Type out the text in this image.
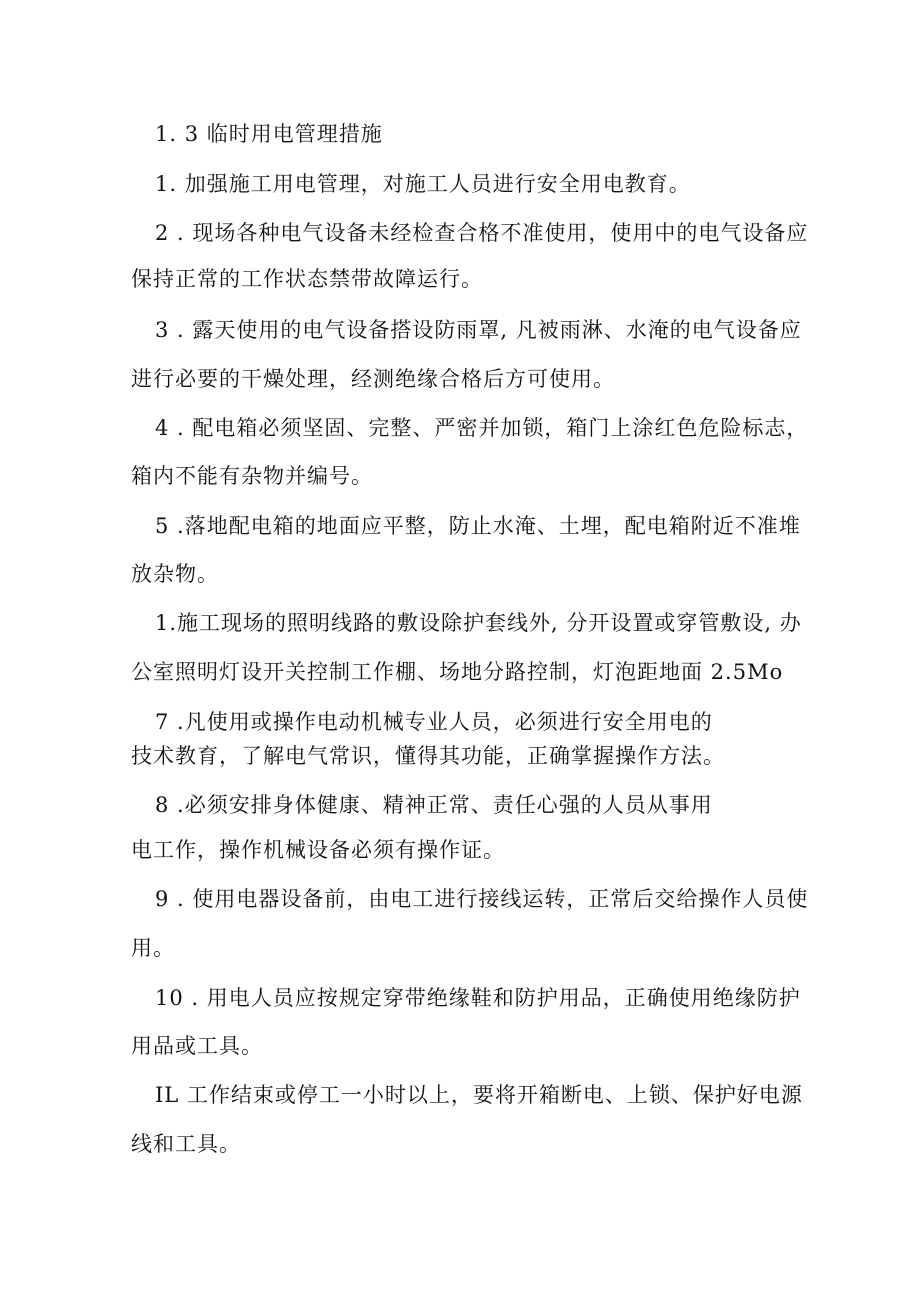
1. 3 临时用电管理措施
1. 加强施工用电管理，对施工人员进行安全用电教育。
2 . 现场各种电气设备未经检查合格不准使用，使用中的电气设备应
保持正常的工作状态禁带故障运行。
3 . 露天使用的电气设备搭设防雨罩, 凡被雨淋、水淹的电气设备应
进行必要的干燥处理，经测绝缘合格后方可使用。
4 . 配电箱必须坚固、完整、严密并加锁，箱门上涂红色危险标志，
箱内不能有杂物并编号。
5 .落地配电箱的地面应平整，防止水淹、土埋，配电箱附近不准堆
放杂物。
1.施工现场的照明线路的敷设除护套线外, 分开设置或穿管敷设, 办
公室照明灯设开关控制工作棚、场地分路控制，灯泡距地面 2.5Mo
7 .凡使用或操作电动机械专业人员，必须进行安全用电的
技术教育，了解电气常识，懂得其功能，正确掌握操作方法。
8 .必须安排身体健康、精神正常、责任心强的人员从事用
电工作，操作机械设备必须有操作证。
9 . 使用电器设备前，由电工进行接线运转，正常后交给操作人员使
用。
10 . 用电人员应按规定穿带绝缘鞋和防护用品，正确使用绝缘防护
用品或工具。
IL 工作结束或停工一小时以上，要将开箱断电、上锁、保护好电源
线和工具。
